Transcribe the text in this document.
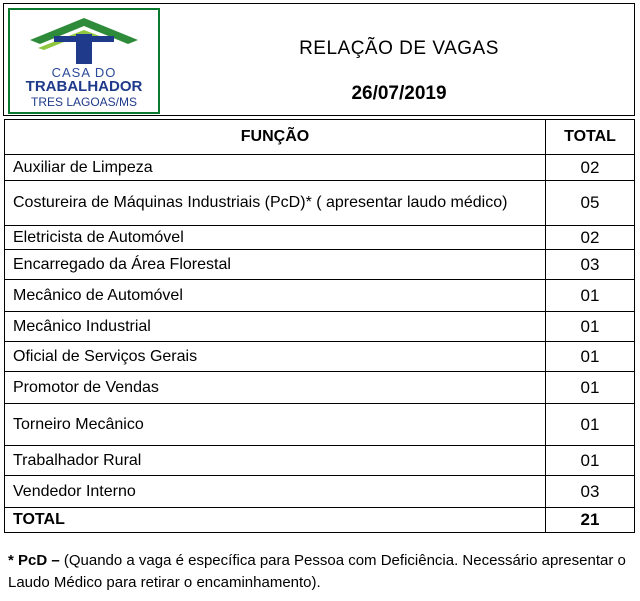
CASA DO
TRABALHADOR
TRES LAGOAS/MS
RELAÇÃO DE VAGAS
26/07/2019
FUNÇÃO	TOTAL
Auxiliar de Limpeza	02
Costureira de Máquinas Industriais (PcD)* ( apresentar laudo médico)	05
Eletricista de Automóvel	02
Encarregado da Área Florestal	03
Mecânico de Automóvel	01
Mecânico Industrial	01
Oficial de Serviços Gerais	01
Promotor de Vendas	01
Torneiro Mecânico	01
Trabalhador Rural	01
Vendedor Interno	03
TOTAL	21
* PcD – (Quando a vaga é específica para Pessoa com Deficiência. Necessário apresentar o Laudo Médico para retirar o encaminhamento).
